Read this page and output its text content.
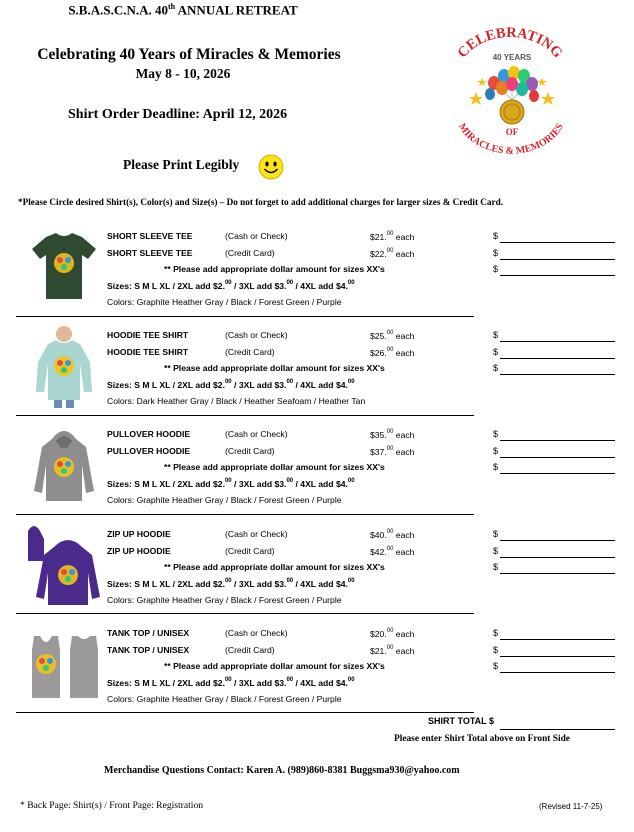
S.B.A.S.C.N.A. 40th ANNUAL RETREAT
Celebrating 40 Years of Miracles & Memories
May 8 - 10, 2026
Shirt Order Deadline: April 12, 2026
Please Print Legibly
*Please Circle desired Shirt(s), Color(s) and Size(s) – Do not forget to add additional charges for larger sizes & Credit Card.
CELEBRATING
40 YEARS
OF
MIRACLES & MEMORIES
SHORT SLEEVE TEE	(Cash or Check)	$21.00 each	$
SHORT SLEEVE TEE	(Credit Card)	$22.00 each	$
** Please add appropriate dollar amount for sizes XX's	$
Sizes: S M L XL / 2XL add $2.00 / 3XL add $3.00 / 4XL add $4.00
Colors: Graphite Heather Gray / Black / Forest Green / Purple
HOODIE TEE SHIRT	(Cash or Check)	$25.00 each	$
HOODIE TEE SHIRT	(Credit Card)	$26.00 each	$
** Please add appropriate dollar amount for sizes XX's	$
Sizes: S M L XL / 2XL add $2.00 / 3XL add $3.00 / 4XL add $4.00
Colors: Dark Heather Gray / Black / Heather Seafoam / Heather Tan
PULLOVER HOODIE	(Cash or Check)	$35.00 each	$
PULLOVER HOODIE	(Credit Card)	$37.00 each	$
** Please add appropriate dollar amount for sizes XX's	$
Sizes: S M L XL / 2XL add $2.00 / 3XL add $3.00 / 4XL add $4.00
Colors: Graphite Heather Gray / Black / Forest Green / Purple
ZIP UP HOODIE	(Cash or Check)	$40.00 each	$
ZIP UP HOODIE	(Credit Card)	$42.00 each	$
** Please add appropriate dollar amount for sizes XX's	$
Sizes: S M L XL / 2XL add $2.00 / 3XL add $3.00 / 4XL add $4.00
Colors: Graphite Heather Gray / Black / Forest Green / Purple
TANK TOP / UNISEX	(Cash or Check)	$20.00 each	$
TANK TOP / UNISEX	(Credit Card)	$21.00 each	$
** Please add appropriate dollar amount for sizes XX's	$
Sizes: S M L XL / 2XL add $2.00 / 3XL add $3.00 / 4XL add $4.00
Colors: Graphite Heather Gray / Black / Forest Green / Purple
SHIRT TOTAL $
Please enter Shirt Total above on Front Side
Merchandise Questions Contact: Karen A. (989)860-8381 Buggsma930@yahoo.com
* Back Page: Shirt(s) / Front Page: Registration	(Revised 11-7-25)
